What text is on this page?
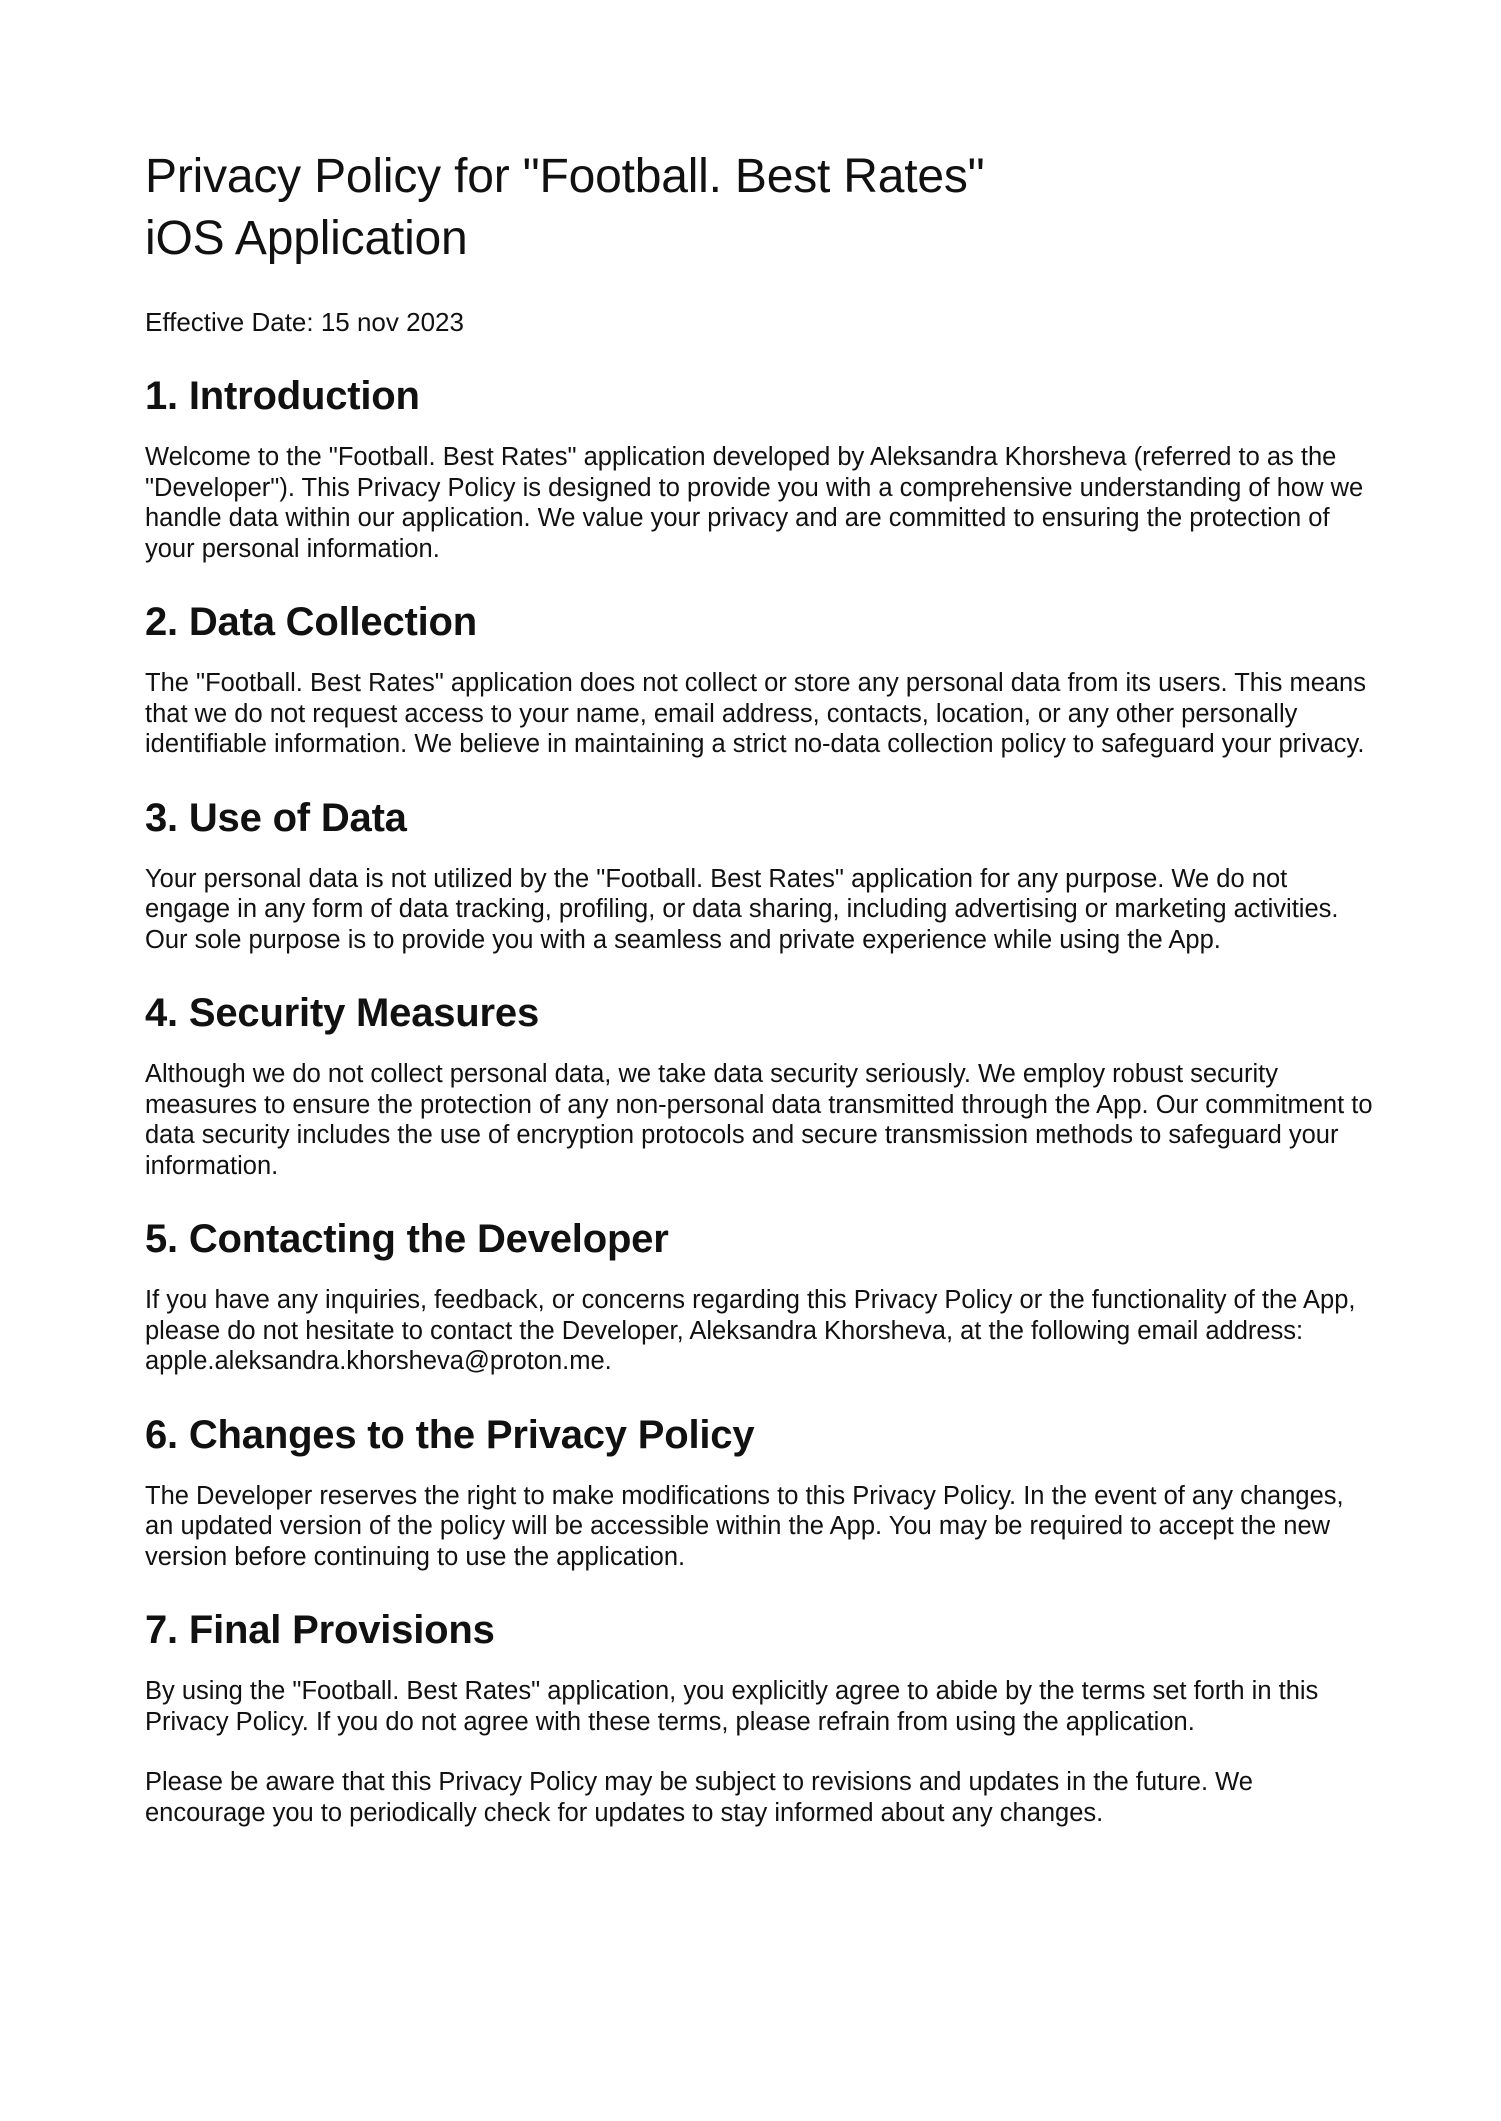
Privacy Policy for "Football. Best Rates"
iOS Application

Effective Date: 15 nov 2023

1. Introduction

Welcome to the "Football. Best Rates" application developed by Aleksandra Khorsheva (referred to as the "Developer"). This Privacy Policy is designed to provide you with a comprehensive understanding of how we handle data within our application. We value your privacy and are committed to ensuring the protection of your personal information.

2. Data Collection

The "Football. Best Rates" application does not collect or store any personal data from its users. This means that we do not request access to your name, email address, contacts, location, or any other personally identifiable information. We believe in maintaining a strict no-data collection policy to safeguard your privacy.

3. Use of Data

Your personal data is not utilized by the "Football. Best Rates" application for any purpose. We do not engage in any form of data tracking, profiling, or data sharing, including advertising or marketing activities. Our sole purpose is to provide you with a seamless and private experience while using the App.

4. Security Measures

Although we do not collect personal data, we take data security seriously. We employ robust security measures to ensure the protection of any non-personal data transmitted through the App. Our commitment to data security includes the use of encryption protocols and secure transmission methods to safeguard your information.

5. Contacting the Developer

If you have any inquiries, feedback, or concerns regarding this Privacy Policy or the functionality of the App, please do not hesitate to contact the Developer, Aleksandra Khorsheva, at the following email address: apple.aleksandra.khorsheva@proton.me.

6. Changes to the Privacy Policy

The Developer reserves the right to make modifications to this Privacy Policy. In the event of any changes, an updated version of the policy will be accessible within the App. You may be required to accept the new version before continuing to use the application.

7. Final Provisions

By using the "Football. Best Rates" application, you explicitly agree to abide by the terms set forth in this Privacy Policy. If you do not agree with these terms, please refrain from using the application.

Please be aware that this Privacy Policy may be subject to revisions and updates in the future. We encourage you to periodically check for updates to stay informed about any changes.
